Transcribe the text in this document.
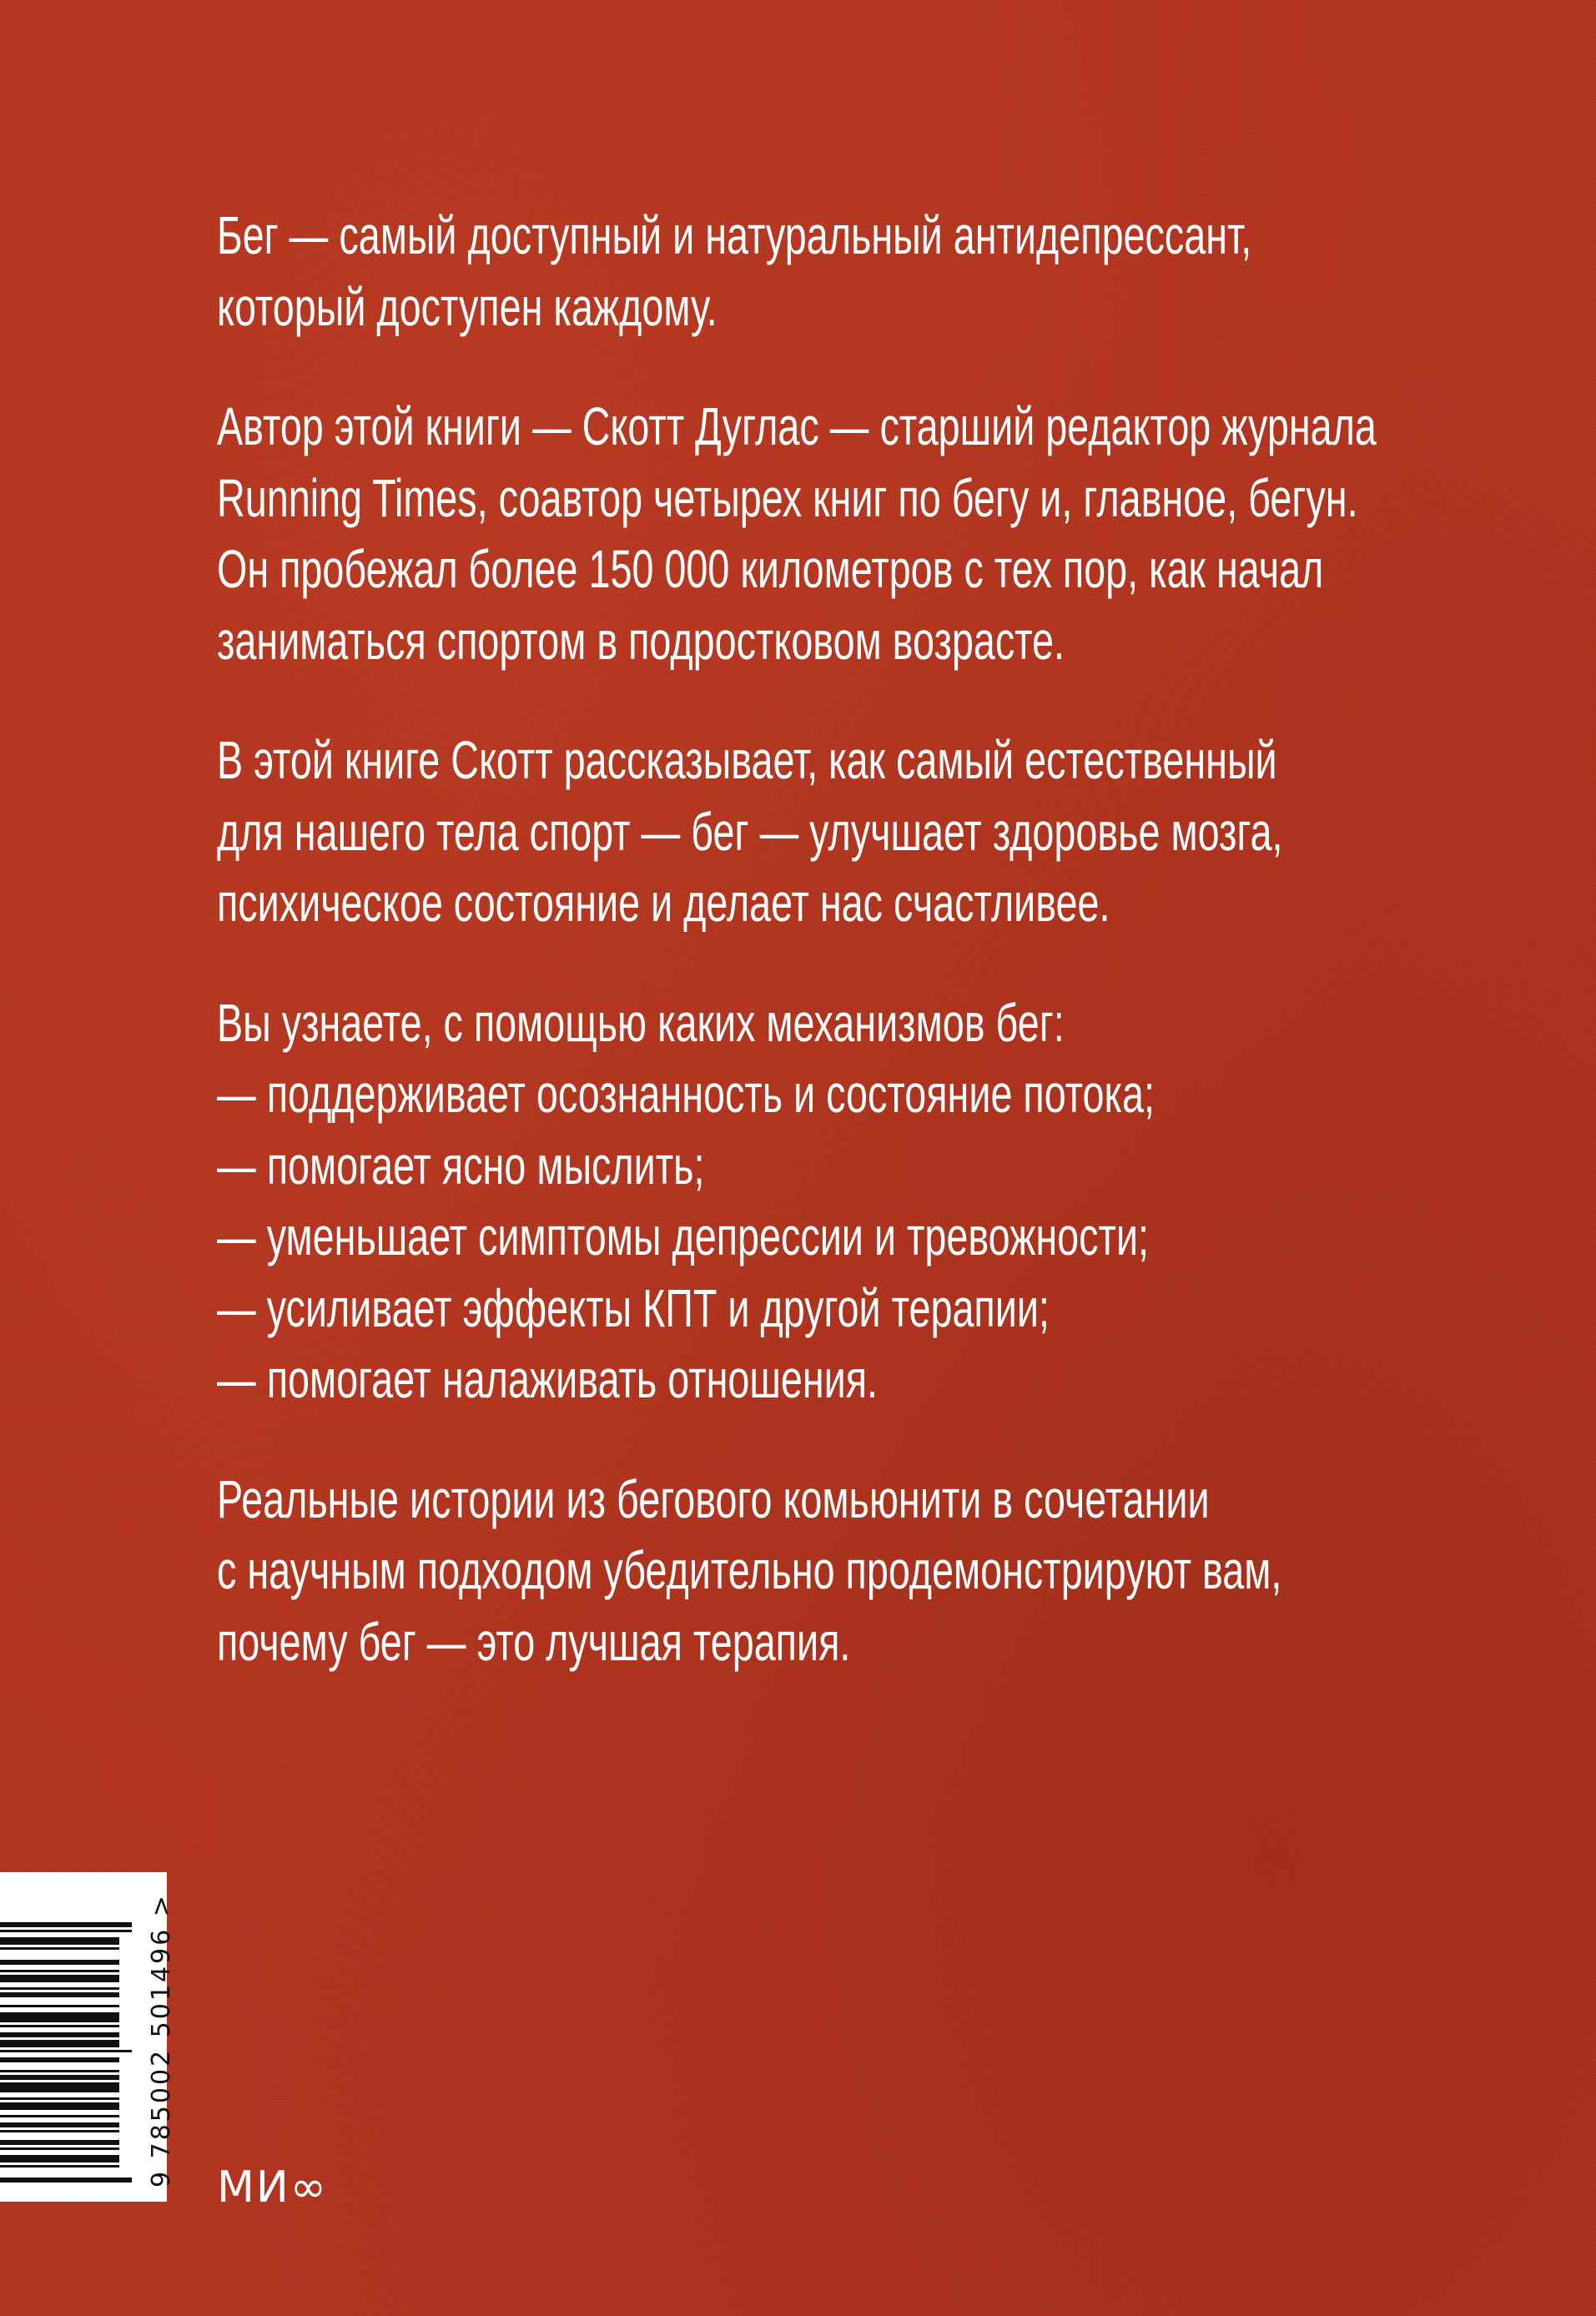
Бег — самый доступный и натуральный антидепрессант,
который доступен каждому.
Автор этой книги — Скотт Дуглас — старший редактор журнала
Running Times, соавтор четырех книг по бегу и, главное, бегун.
Он пробежал более 150 000 километров с тех пор, как начал
заниматься спортом в подростковом возрасте.
В этой книге Скотт рассказывает, как самый естественный
для нашего тела спорт — бег — улучшает здоровье мозга,
психическое состояние и делает нас счастливее.
Вы узнаете, с помощью каких механизмов бег:
— поддерживает осознанность и состояние потока;
— помогает ясно мыслить;
— уменьшает симптомы депрессии и тревожности;
— усиливает эффекты КПТ и другой терапии;
— помогает налаживать отношения.
Реальные истории из бегового комьюнити в сочетании
с научным подходом убедительно продемонстрируют вам,
почему бег — это лучшая терапия.
9 785002 501496 > МИ∞
